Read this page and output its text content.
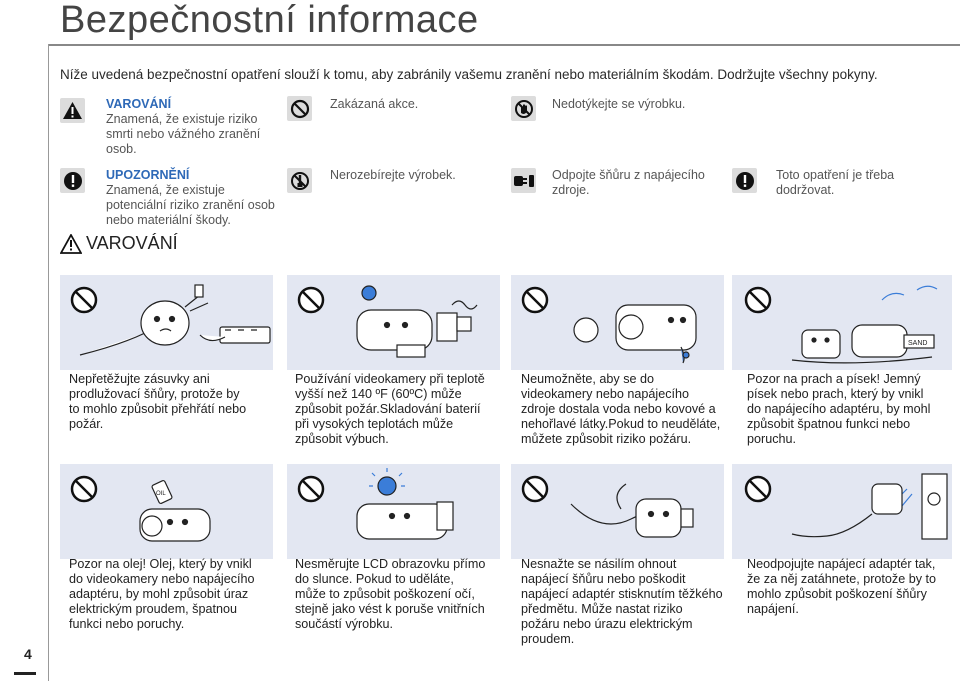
Bezpečnostní informace
Níže uvedená bezpečnostní opatření slouží k tomu, aby zabránily vašemu zranění nebo materiálním škodám. Dodržujte všechny pokyny.
VAROVÁNÍ
Znamená, že existuje riziko
smrti nebo vážného zranění
osob.
UPOZORNĚNÍ
Znamená, že existuje
potenciální riziko zranění osob
nebo materiální škody.
Zakázaná akce.	Nedotýkejte se výrobku.
Nerozebírejte výrobek.	Odpojte šňůru z napájecího
zdroje.
Toto opatření je třeba
dodržovat.
VAROVÁNÍ
SAND
Nepřetěžujte zásuvky ani
prodlužovací šňůry, protože by
to mohlo způsobit přehřátí nebo
požár.
Používání videokamery při teplotě
vyšší než 140 ºF (60ºC) může
způsobit požár.Skladování baterií
při vysokých teplotách může
způsobit výbuch.
Neumožněte, aby se do
videokamery nebo napájecího
zdroje dostala voda nebo kovové a
nehořlavé látky.Pokud to neuděláte,
můžete způsobit riziko požáru.
Pozor na prach a písek! Jemný
písek nebo prach, který by vnikl
do napájecího adaptéru, by mohl
způsobit špatnou funkci nebo
poruchu.
OIL
Pozor na olej! Olej, který by vnikl
do videokamery nebo napájecího
adaptéru, by mohl způsobit úraz
elektrickým proudem, špatnou
funkci nebo poruchy.
Nesměrujte LCD obrazovku přímo
do slunce. Pokud to uděláte,
může to způsobit poškození očí,
stejně jako vést k poruše vnitřních
součástí výrobku.
Nesnažte se násilím ohnout
napájecí šňůru nebo poškodit
napájecí adaptér stisknutím těžkého
předmětu. Může nastat riziko
požáru nebo úrazu elektrickým
proudem.
Neodpojujte napájecí adaptér tak,
že za něj zatáhnete, protože by to
mohlo způsobit poškození šňůry
napájení.
4
